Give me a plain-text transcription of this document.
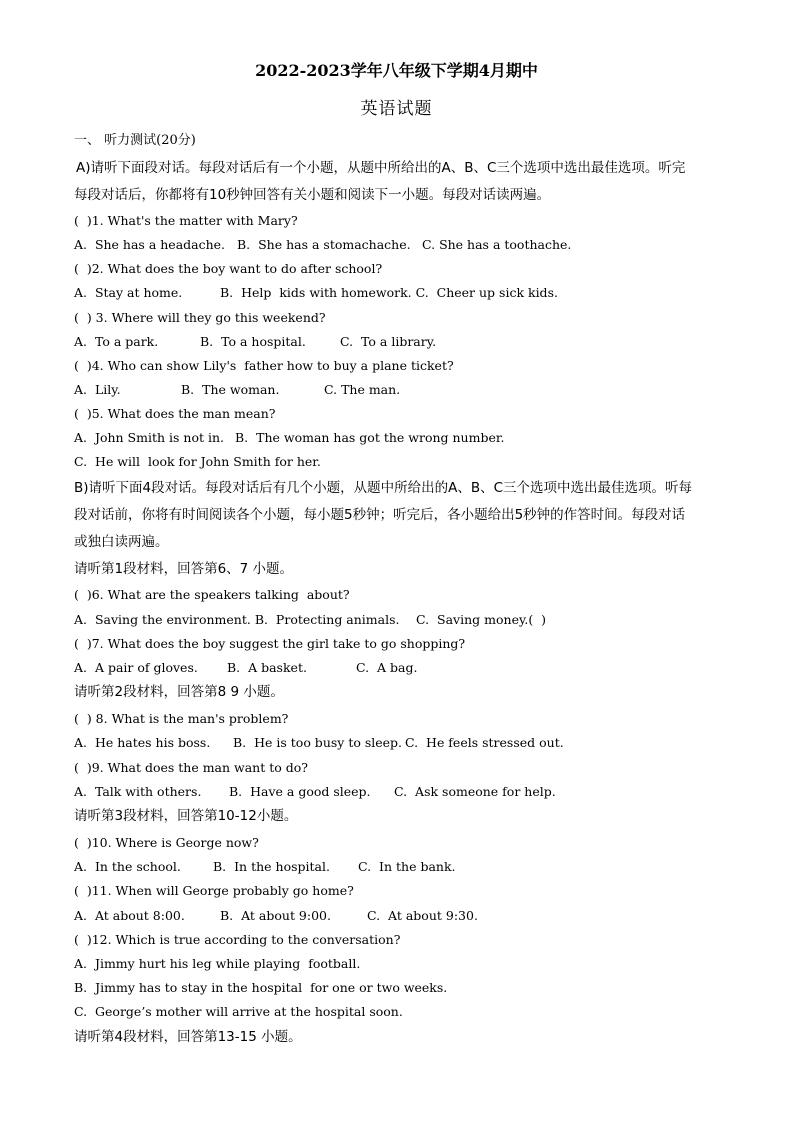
2022-2023学年八年级下学期4月期中
英语试题
一、 听力测试(20分)
A)请听下面段对话。每段对话后有一个小题，从题中所给出的A、B、C三个选项中选出最佳选项。听完
每段对话后，你都将有10秒钟回答有关小题和阅读下一小题。每段对话读两遍。
(  )1. What's the matter with Mary?
A.  She has a headache. B.  She has a stomachache. C. She has a toothache.
(  )2. What does the boy want to do after school?
A.  Stay at home.	B.  Help  kids with homework. C.  Cheer up sick kids.
(  ) 3. Where will they go this weekend?
A.  To a park.	B.  To a hospital.	C.  To a library.
(  )4. Who can show Lily's  father how to buy a plane ticket?
A.  Lily.	B.  The woman.	C. The man.
(  )5. What does the man mean?
A.  John Smith is not in. B.  The woman has got the wrong number.
C.  He will  look for John Smith for her.
B)请听下面4段对话。每段对话后有几个小题，从题中所给出的A、B、C三个选项中选出最佳选项。听每
段对话前，你将有时间阅读各个小题，每小题5秒钟；听完后，各小题给出5秒钟的作答时间。每段对话
或独白读两遍。
请听第1段材料，回答第6、7 小题。
(  )6. What are the speakers talking  about?
A.  Saving the environment. B.  Protecting animals. C.  Saving money.(  )
(  )7. What does the boy suggest the girl take to go shopping?
A.  A pair of gloves. B.  A basket.	C.  A bag.
请听第2段材料，回答第8 9 小题。
(  ) 8. What is the man's problem?
A.  He hates his boss. B.  He is too busy to sleep. C.  He feels stressed out.
(  )9. What does the man want to do?
A.  Talk with others. B.  Have a good sleep. C.  Ask someone for help.
请听第3段材料，回答第10-12小题。
(  )10. Where is George now?
A.  In the school.	B.  In the hospital. C.  In the bank.
(  )11. When will George probably go home?
A.  At about 8:00.	B.  At about 9:00.	C.  At about 9:30.
(  )12. Which is true according to the conversation?
A.  Jimmy hurt his leg while playing  football.
B.  Jimmy has to stay in the hospital  for one or two weeks.
C.  George’s mother will arrive at the hospital soon.
请听第4段材料，回答第13-15 小题。
